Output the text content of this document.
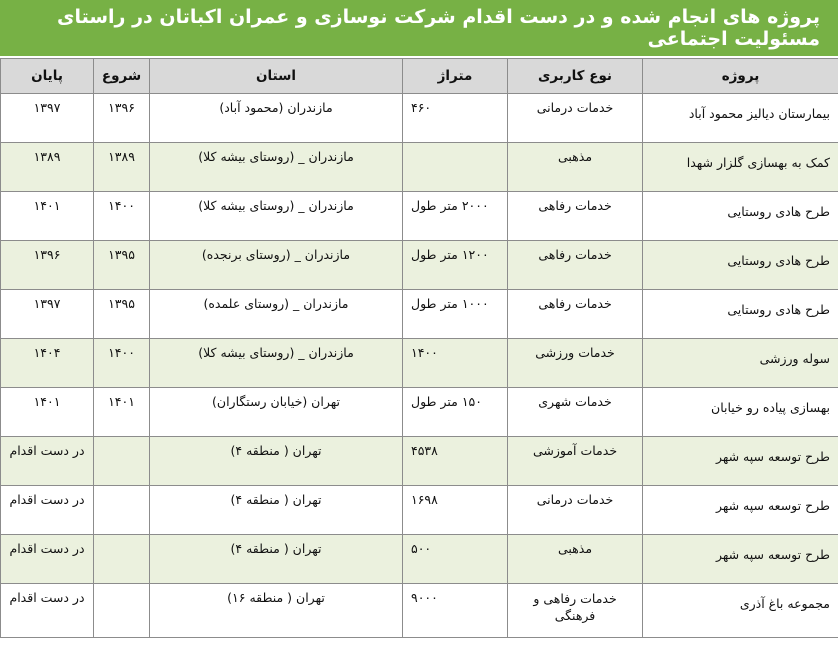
پروژه های انجام شده و در دست اقدام شرکت نوسازی و عمران اکباتان در راستای مسئولیت اجتماعی
پروژه	نوع کاربری	متراژ	استان	شروع	پایان
بیمارستان دیالیز محمود آباد	خدمات درمانی	۴۶۰	مازندران (محمود آباد)	۱۳۹۶	۱۳۹۷
کمک به بهسازی گلزار شهدا	مذهبی		مازندران _ (روستای بیشه کلا)	۱۳۸۹	۱۳۸۹
طرح هادی روستایی	خدمات رفاهی	۲۰۰۰ متر طول	مازندران _ (روستای بیشه کلا)	۱۴۰۰	۱۴۰۱
طرح هادی روستایی	خدمات رفاهی	۱۲۰۰ متر طول	مازندران _ (روستای برنجده)	۱۳۹۵	۱۳۹۶
طرح هادی روستایی	خدمات رفاهی	۱۰۰۰ متر طول	مازندران _ (روستای علمده)	۱۳۹۵	۱۳۹۷
سوله ورزشی	خدمات ورزشی	۱۴۰۰	مازندران _ (روستای بیشه کلا)	۱۴۰۰	۱۴۰۴
بهسازی پیاده رو خیابان	خدمات شهری	۱۵۰ متر طول	تهران (خیابان رستگاران)	۱۴۰۱	۱۴۰۱
طرح توسعه سپه شهر	خدمات آموزشی	۴۵۳۸	تهران ( منطقه ۴)		در دست اقدام
طرح توسعه سپه شهر	خدمات درمانی	۱۶۹۸	تهران ( منطقه ۴)		در دست اقدام
طرح توسعه سپه شهر	مذهبی	۵۰۰	تهران ( منطقه ۴)		در دست اقدام
مجموعه باغ آذری	خدمات رفاهی و فرهنگی	۹۰۰۰	تهران ( منطقه ۱۶)		در دست اقدام
